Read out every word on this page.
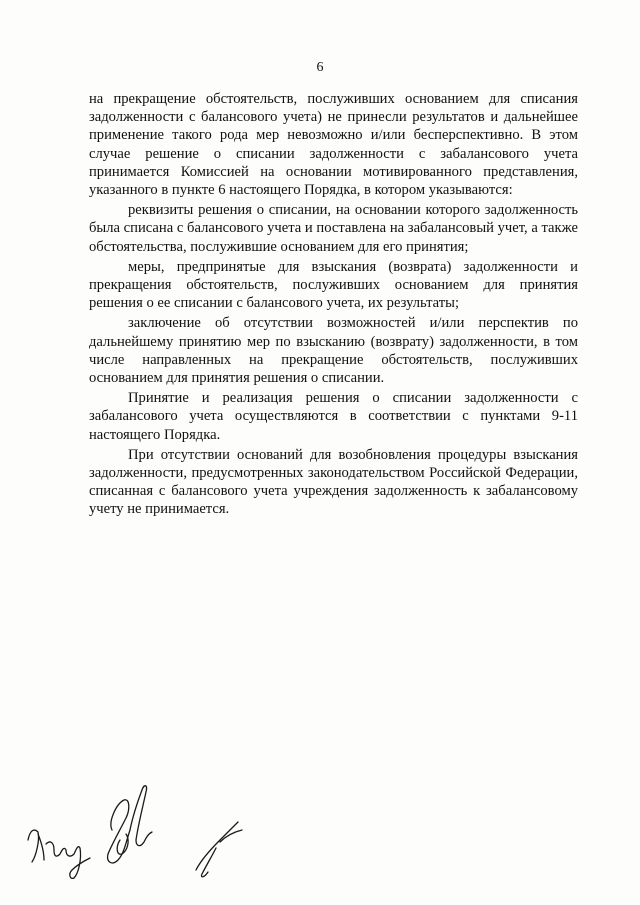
6

на прекращение обстоятельств, послуживших основанием для списания задолженности с балансового учета) не принесли результатов и дальнейшее применение такого рода мер невозможно и/или бесперспективно. В этом случае решение о списании задолженности с забалансового учета принимается Комиссией на основании мотивированного представления, указанного в пункте 6 настоящего Порядка, в котором указываются:

реквизиты решения о списании, на основании которого задолженность была списана с балансового учета и поставлена на забалансовый учет, а также обстоятельства, послужившие основанием для его принятия;

меры, предпринятые для взыскания (возврата) задолженности и прекращения обстоятельств, послуживших основанием для принятия решения о ее списании с балансового учета, их результаты;

заключение об отсутствии возможностей и/или перспектив по дальнейшему принятию мер по взысканию (возврату) задолженности, в том числе направленных на прекращение обстоятельств, послуживших основанием для принятия решения о списании.

Принятие и реализация решения о списании задолженности с забалансового учета осуществляются в соответствии с пунктами 9-11 настоящего Порядка.

При отсутствии оснований для возобновления процедуры взыскания задолженности, предусмотренных законодательством Российской Федерации, списанная с балансового учета учреждения задолженность к забалансовому учету не принимается.
